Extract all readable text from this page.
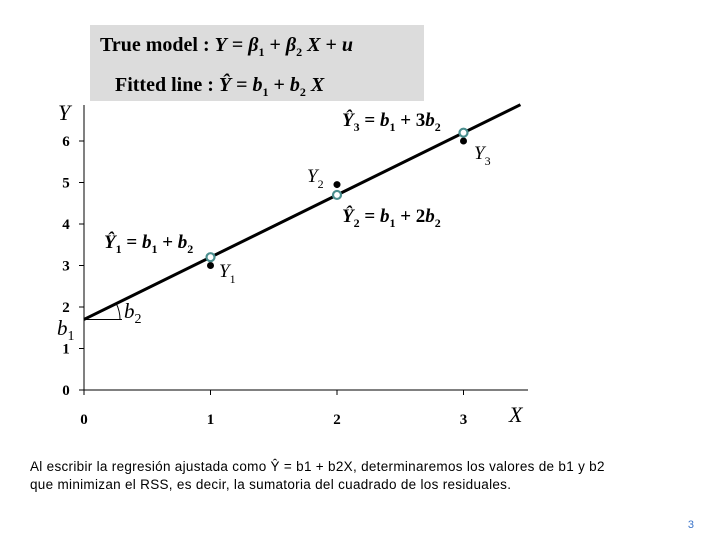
True model : $Y = \beta_1 + \beta_2$ X + u
Fitted line : Ŷ = $b_1 + b_2$ X
0
1
2
3
4
5
6
0	1	2	3
Y
X
$Ŷ_1 = b_1 + b_2$
$Y_1$
$Y_2$
$Ŷ_2 = b_1 + 2b_2$
$Ŷ_3 = b_1 + 3b_2$
$Y_3$
$b_1$
$b_2$
Al escribir la regresión ajustada como Ŷ = b1 + b2X, determinaremos los valores de b1 y b2
que minimizan el RSS, es decir, la sumatoria del cuadrado de los residuales.
3
